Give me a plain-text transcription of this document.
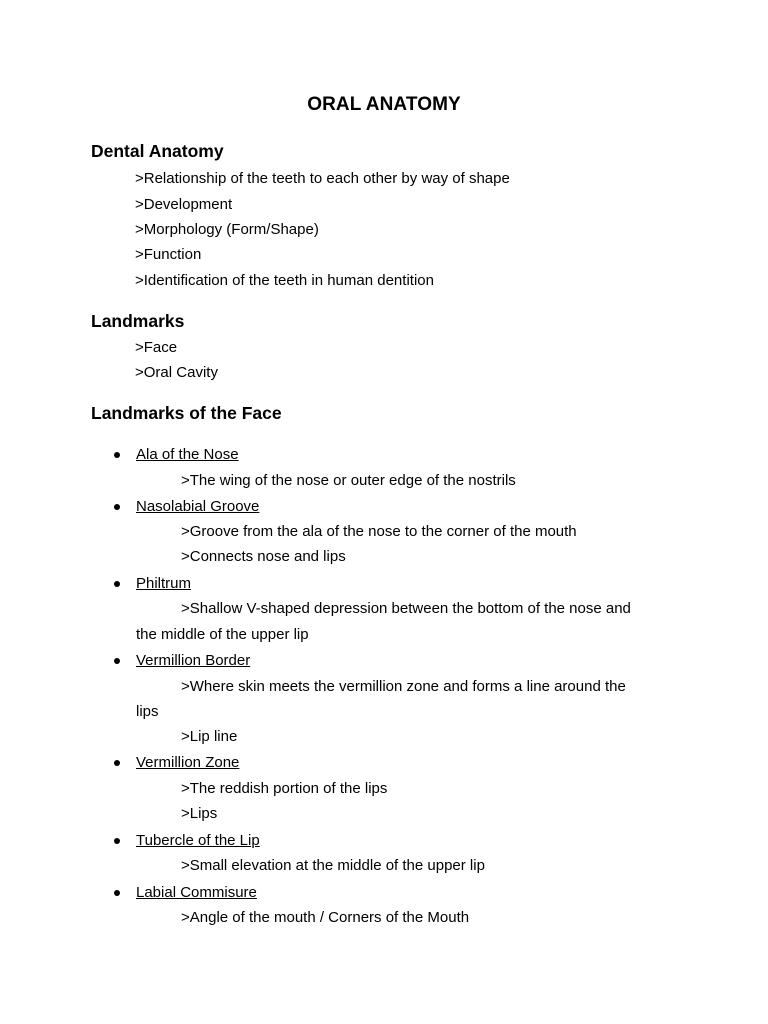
ORAL ANATOMY
Dental Anatomy
>Relationship of the teeth to each other by way of shape
>Development
>Morphology (Form/Shape)
>Function
>Identification of the teeth in human dentition
Landmarks
>Face
>Oral Cavity
Landmarks of the Face
Ala of the Nose
>The wing of the nose or outer edge of the nostrils
Nasolabial Groove
>Groove from the ala of the nose to the corner of the mouth
>Connects nose and lips
Philtrum
>Shallow V-shaped depression between the bottom of the nose and
the middle of the upper lip
Vermillion Border
>Where skin meets the vermillion zone and forms a line around the
lips
>Lip line
Vermillion Zone
>The reddish portion of the lips
>Lips
Tubercle of the Lip
>Small elevation at the middle of the upper lip
Labial Commisure
>Angle of the mouth / Corners of the Mouth
